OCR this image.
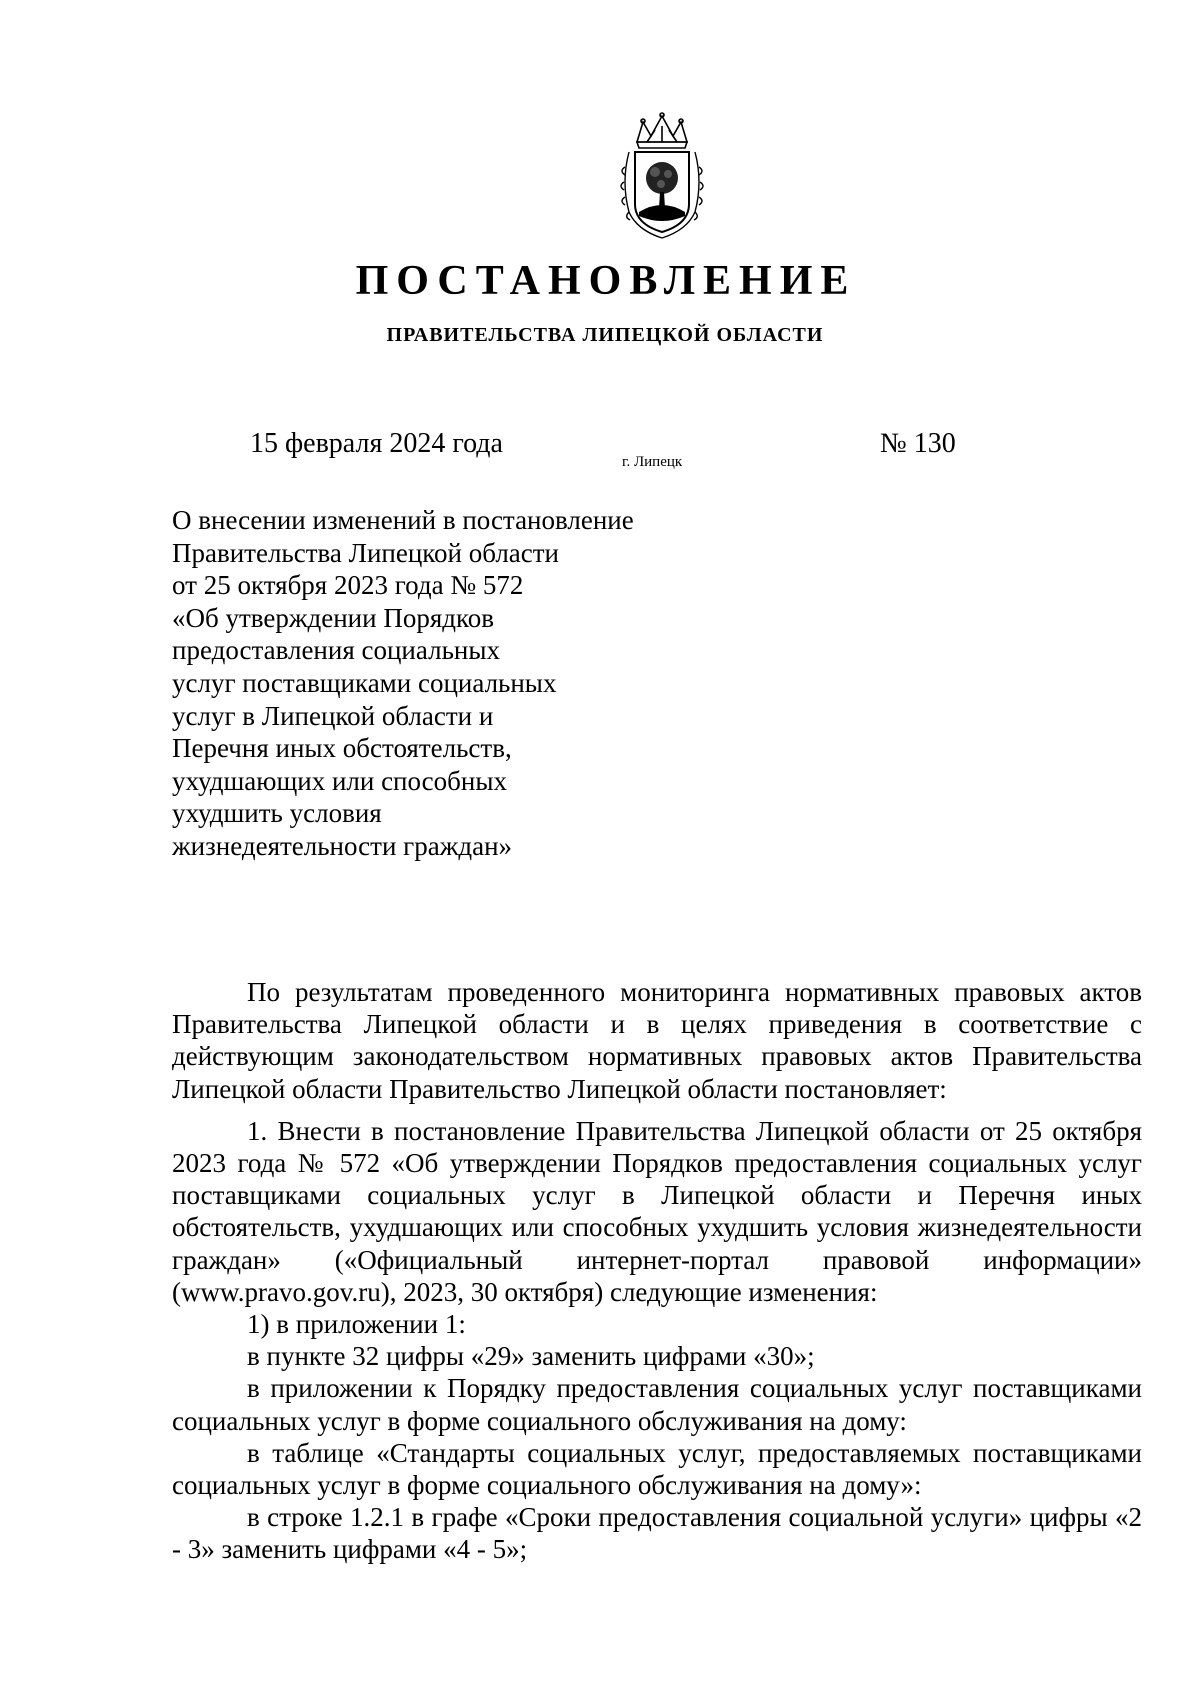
ПОСТАНОВЛЕНИЕ
ПРАВИТЕЛЬСТВА ЛИПЕЦКОЙ ОБЛАСТИ
15 февраля 2024 года
г. Липецк
№ 130
О внесении изменений в постановление
Правительства Липецкой области
от 25 октября 2023 года № 572
«Об утверждении Порядков
предоставления социальных
услуг поставщиками социальных
услуг в Липецкой области и
Перечня иных обстоятельств,
ухудшающих или способных
ухудшить условия
жизнедеятельности граждан»

По результатам проведенного мониторинга нормативных правовых актов Правительства Липецкой области и в целях приведения в соответствие с действующим законодательством нормативных правовых актов Правительства Липецкой области Правительство Липецкой области постановляет:

1. Внести в постановление Правительства Липецкой области от 25 октября 2023 года № 572 «Об утверждении Порядков предоставления социальных услуг поставщиками социальных услуг в Липецкой области и Перечня иных обстоятельств, ухудшающих или способных ухудшить условия жизнедеятельности граждан» («Официальный интернет-портал правовой информации» (www.pravo.gov.ru), 2023, 30 октября) следующие изменения:

1) в приложении 1:

в пункте 32 цифры «29» заменить цифрами «30»;

в приложении к Порядку предоставления социальных услуг поставщиками социальных услуг в форме социального обслуживания на дому:

в таблице «Стандарты социальных услуг, предоставляемых поставщиками социальных услуг в форме социального обслуживания на дому»:

в строке 1.2.1 в графе «Сроки предоставления социальной услуги» цифры «2 - 3» заменить цифрами «4 - 5»;
